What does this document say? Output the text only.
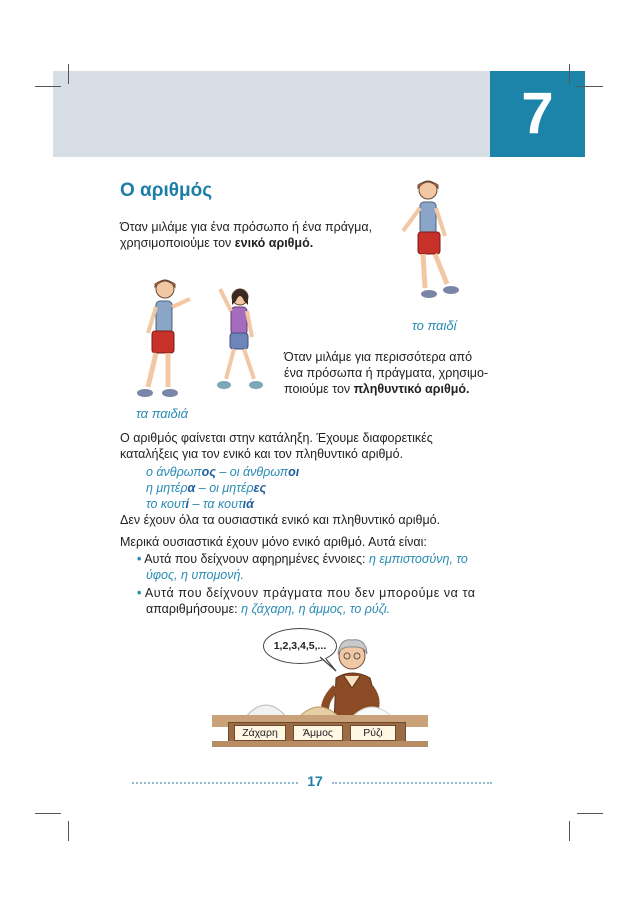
7
Ο αριθμός
Όταν μιλάμε για ένα πρόσωπο ή ένα πράγμα,
χρησιμοποιούμε τον ενικό αριθμό.
το παιδί
Όταν μιλάμε για περισσότερα από
ένα πρόσωπα ή πράγματα, χρησιμο-
ποιούμε τον πληθυντικό αριθμό.
τα παιδιά
Ο αριθμός φαίνεται στην κατάληξη. Έχουμε διαφορετικές
καταλήξεις για τον ενικό και τον πληθυντικό αριθμό.
ο άνθρωπος – οι άνθρωποι
η μητέρα – οι μητέρες
το κουτί – τα κουτιά
Δεν έχουν όλα τα ουσιαστικά ενικό και πληθυντικό αριθμό.
Μερικά ουσιαστικά έχουν μόνο ενικό αριθμό. Αυτά είναι:
• Αυτά που δείχνουν αφηρημένες έννοιες: η εμπιστοσύνη, το
ύφος, η υπομονή.
• Αυτά που δείχνουν πράγματα που δεν μπορούμε να τα
απαριθμήσουμε: η ζάχαρη, η άμμος, το ρύζι.
1,2,3,4,5,...
Ζάχαρη	Άμμος	Ρύζι
17
